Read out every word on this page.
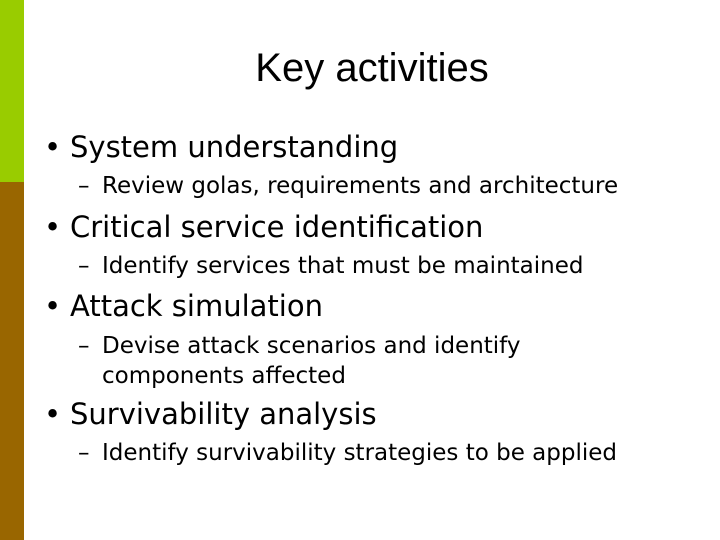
Key activities
• System understanding
– Review golas, requirements and architecture
• Critical service identification
– Identify services that must be maintained
• Attack simulation
– Devise attack scenarios and identify
components affected
• Survivability analysis
– Identify survivability strategies to be applied
